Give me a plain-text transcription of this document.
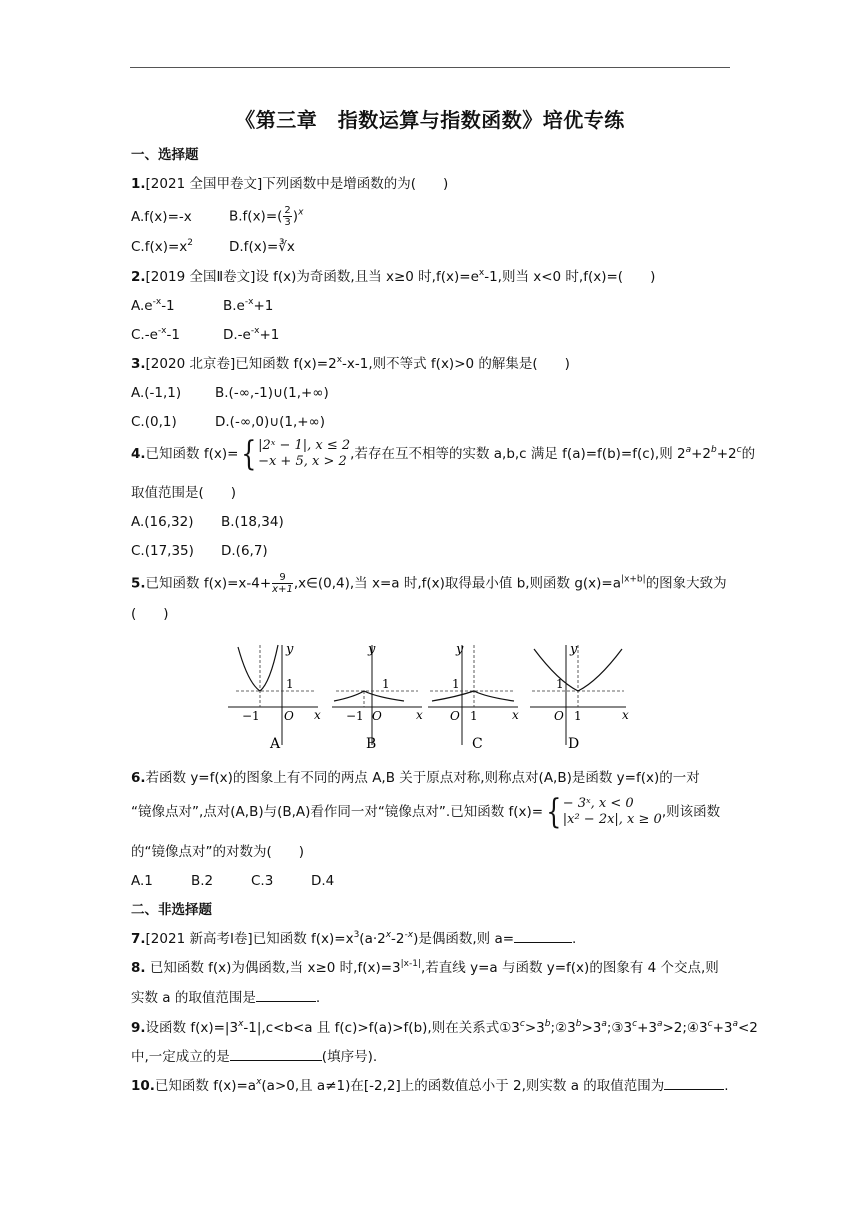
《第三章　指数运算与指数函数》培优专练
一、选择题
1.[2021 全国甲卷文]下列函数中是增函数的为(　　)
A.f(x)=-x	$B.f(x)=( \frac{2}{3} )^x$
$C.f(x)=x^2$	D.f(x)=∛x
2.[2019 全国Ⅱ卷文]设 f(x)为奇函数,且当 x≥0 时$,f(x)=e^x-1$,则当 x<0 时,f(x)=(　　)
$A.e^{-x}-1$	$B.e^{-x}+1$
$C.-e^{-x}-1$	$D.-e^{-x}+1$
3.[2020 北京卷]已知函数 $f(x)=2^x-x-1$,则不等式 f(x)>0 的解集是(　　)
A.(-1,1)	B.(-∞,-1)∪(1,+∞)
C.(0,1)	D.(-∞,0)∪(1,+∞)
4.已知函数 f(x)={ |2ˣ − 1|, x ≤ 2
−x + 5, x > 2 ,若存在互不相等的实数 a,b,c 满足 f(a)=f(b)=f(c),则 $2^a+2^b+2^c$的
取值范围是(　　)
A.(16,32) B.(18,34)
C.(17,35) D.(6,7)
5.已知函数 $f(x)=x-4+ \frac{9}{x+1}$ ,x∈(0,4),当 x=a 时,f(x)取得最小值 b,则函数 $g(x)=a^{|x+b|}$的图象大致为
(　　)
y
x
O
1
−1
A
y
x
O
1
−1
B
y
x
O
1
1
C
y
x
O
1
1
D
6.若函数 y=f(x)的图象上有不同的两点 A,B 关于原点对称,则称点对(A,B)是函数 y=f(x)的一对
“镜像点对”,点对(A,B)与(B,A)看作同一对“镜像点对”.已知函数 f(x)={ − 3ˣ, x < 0
|x² − 2x|, x ≥ 0 ,则该函数
的“镜像点对”的对数为(　　)
A.1	B.2	C.3	D.4
二、非选择题
7.[2021 新高考Ⅰ卷]已知函数 $f(x)=x^3(a\cdot 2^x-2^{-x})$是偶函数,则 a=	.
8. 已知函数 f(x)为偶函数,当 x≥0 时$,f(x)=3^{|x-1|}$,若直线 y=a 与函数 y=f(x)的图象有 4 个交点,则
实数 a 的取值范围是	.
9.设函数 $f(x)=|3^x-1|,c<b<a$ 且 f(c)>f(a)>f(b),则在关系式$①3^c>3^b;②3^b>3^a;③3^c+3^a>2;④3^c+3^a<2$
中,一定成立的是	(填序号).
10.已知函数 $f(x)=a^x(a>0$,且 a≠1)在[-2,2]上的函数值总小于 2,则实数 a 的取值范围为	.
